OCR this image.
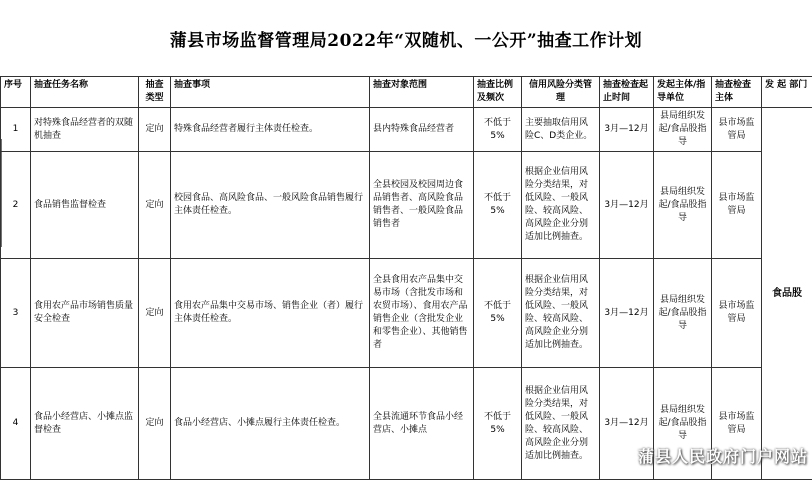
蒲县市场监督管理局2022年“双随机、一公开”抽查工作计划
序号	抽查任务名称	抽查类型	抽查事项	抽查对象范围	抽查比例及频次	信用风险分类管理	抽查检查起止时间	发起主体/指导单位	抽查检查主体	发 起 部门
1	对特殊食品经营者的双随机抽查	定向	特殊食品经营者履行主体责任检查。	县内特殊食品经营者	不低于5%	主要抽取信用风险C、D类企业。	3月—12月	县局组织发起/食品股指导	县市场监管局	食品股
2	食品销售监督检查	定向	校园食品、高风险食品、一般风险食品销售履行主体责任检查。	全县校园及校园周边食品销售者、高风险食品销售者、一般风险食品销售者	不低于5%	根据企业信用风险分类结果，对低风险、一般风险、较高风险、高风险企业分别适加比例抽查。	3月—12月	县局组织发起/食品股指导	县市场监管局	
3	食用农产品市场销售质量安全检查	定向	食用农产品集中交易市场、销售企业（者）履行主体责任检查。	全县食用农产品集中交易市场（含批发市场和农贸市场）、食用农产品销售企业（含批发企业和零售企业）、其他销售者	不低于5%	根据企业信用风险分类结果，对低风险、一般风险、较高风险、高风险企业分别适加比例抽查。	3月—12月	县局组织发起/食品股指导	县市场监管局	
4	食品小经营店、小摊点监督检查	定向	食品小经营店、小摊点履行主体责任检查。	全县流通环节食品小经营店、小摊点	不低于5%	根据企业信用风险分类结果，对低风险、一般风险、较高风险、高风险企业分别适加比例抽查。	3月—12月	县局组织发起/食品股指导	县市场监管局	
蒲县人民政府门户网站
